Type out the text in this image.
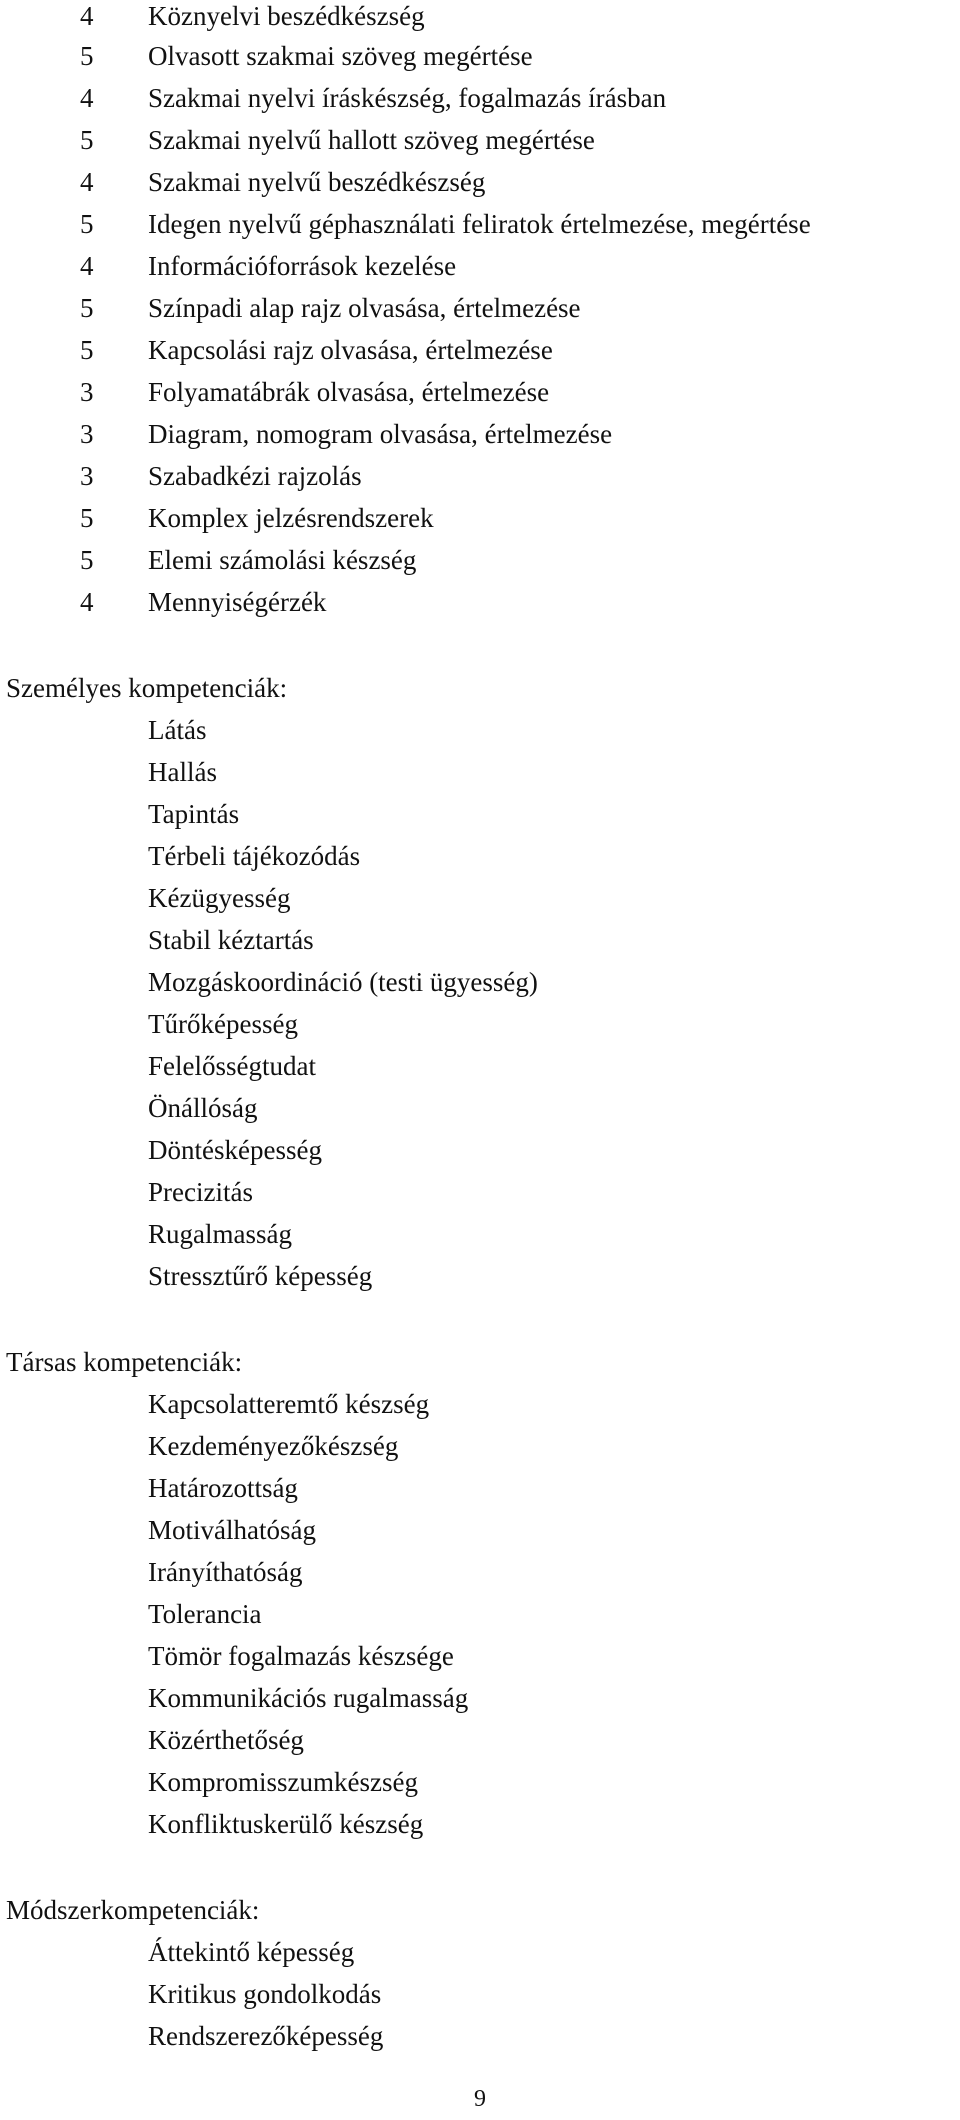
4	Köznyelvi beszédkészség
5	Olvasott szakmai szöveg megértése
4	Szakmai nyelvi íráskészség, fogalmazás írásban
5	Szakmai nyelvű hallott szöveg megértése
4	Szakmai nyelvű beszédkészség
5	Idegen nyelvű géphasználati feliratok értelmezése, megértése
4	Információforrások kezelése
5	Színpadi alap rajz olvasása, értelmezése
5	Kapcsolási rajz olvasása, értelmezése
3	Folyamatábrák olvasása, értelmezése
3	Diagram, nomogram olvasása, értelmezése
3	Szabadkézi rajzolás
5	Komplex jelzésrendszerek
5	Elemi számolási készség
4	Mennyiségérzék
Személyes kompetenciák:
Látás
Hallás
Tapintás
Térbeli tájékozódás
Kézügyesség
Stabil kéztartás
Mozgáskoordináció (testi ügyesség)
Tűrőképesség
Felelősségtudat
Önállóság
Döntésképesség
Precizitás
Rugalmasság
Stressztűrő képesség
Társas kompetenciák:
Kapcsolatteremtő készség
Kezdeményezőkészség
Határozottság
Motiválhatóság
Irányíthatóság
Tolerancia
Tömör fogalmazás készsége
Kommunikációs rugalmasság
Közérthetőség
Kompromisszumkészség
Konfliktuskerülő készség
Módszerkompetenciák:
Áttekintő képesség
Kritikus gondolkodás
Rendszerezőképesség
9
